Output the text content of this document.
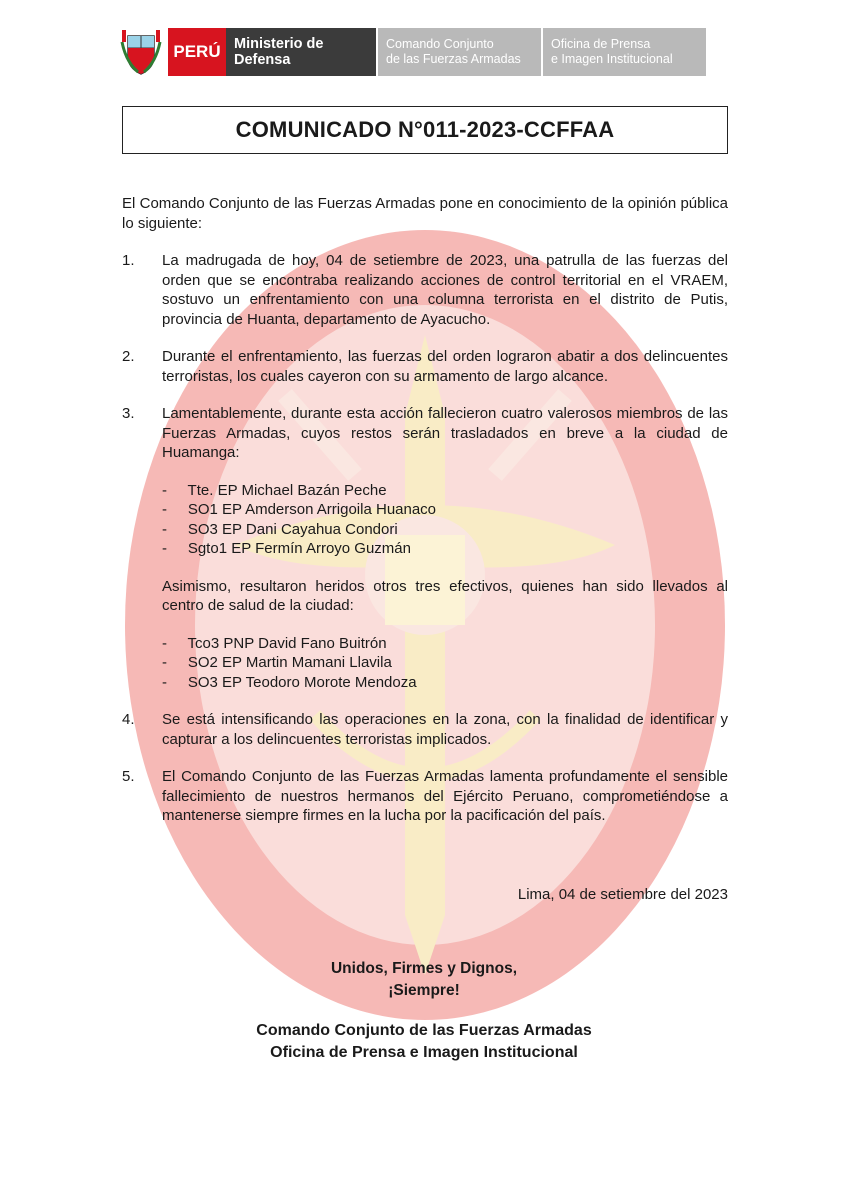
PERÚ Ministerio de Defensa
Comando Conjunto
de las Fuerzas Armadas
Oficina de Prensa
e Imagen Institucional
COMUNICADO N°011-2023-CCFFAA

El Comando Conjunto de las Fuerzas Armadas pone en conocimiento de la opinión pública lo siguiente:

1.	La madrugada de hoy, 04 de setiembre de 2023, una patrulla de las fuerzas del orden que se encontraba realizando acciones de control territorial en el VRAEM, sostuvo un enfrentamiento con una columna terrorista en el distrito de Putis, provincia de Huanta, departamento de Ayacucho.
2.	Durante el enfrentamiento, las fuerzas del orden lograron abatir a dos delincuentes terroristas, los cuales cayeron con su armamento de largo alcance.
3.	Lamentablemente, durante esta acción fallecieron cuatro valerosos miembros de las Fuerzas Armadas, cuyos restos serán trasladados en breve a la ciudad de Huamanga:
-     Tte. EP Michael Bazán Peche
-     SO1 EP Amderson Arrigoila Huanaco
-     SO3 EP Dani Cayahua Condori
-     Sgto1 EP Fermín Arroyo Guzmán
Asimismo, resultaron heridos otros tres efectivos, quienes han sido llevados al centro de salud de la ciudad:
-     Tco3 PNP David Fano Buitrón
-     SO2 EP Martin Mamani Llavila
-     SO3 EP Teodoro Morote Mendoza
4.	Se está intensificando las operaciones en la zona, con la finalidad de identificar y capturar a los delincuentes terroristas implicados.
5.	El Comando Conjunto de las Fuerzas Armadas lamenta profundamente el sensible fallecimiento de nuestros hermanos del Ejército Peruano, comprometiéndose a mantenerse siempre firmes en la lucha por la pacificación del país.
Lima, 04 de setiembre del 2023
Unidos, Firmes y Dignos,
¡Siempre!
Comando Conjunto de las Fuerzas Armadas
Oficina de Prensa e Imagen Institucional
